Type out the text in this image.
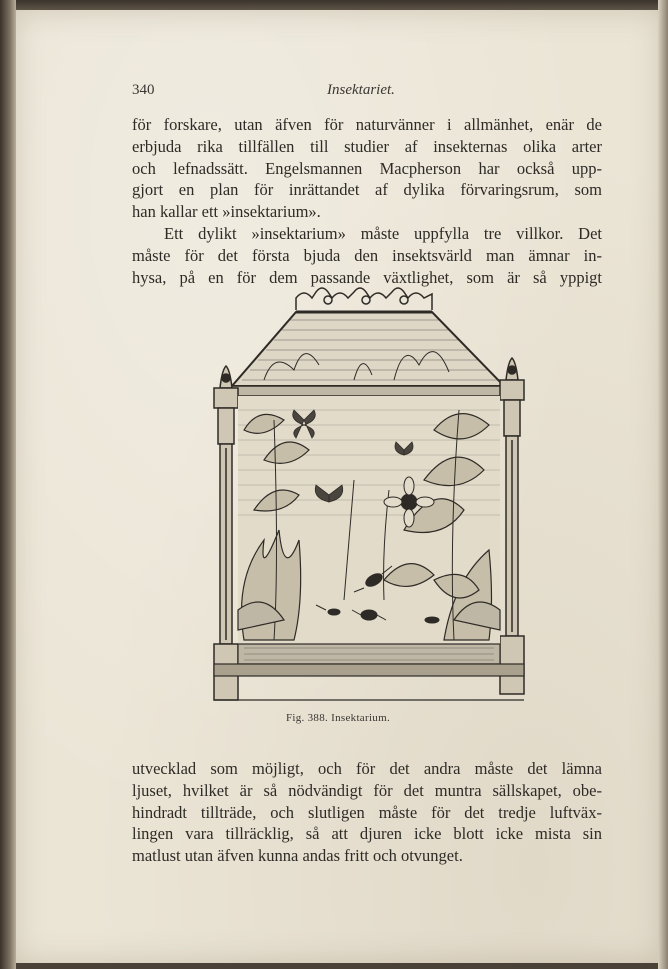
340	Insektariet.
för forskare, utan äfven för naturvänner i allmänhet, enär de
erbjuda rika tillfällen till studier af insekternas olika arter
och lefnadssätt. Engelsmannen Macpherson har också upp-
gjort en plan för inrättandet af dylika förvaringsrum, som
han kallar ett »insektarium».
Ett dylikt »insektarium» måste uppfylla tre villkor. Det
måste för det första bjuda den insektsvärld man ämnar in-
hysa, på en för dem passande växtlighet, som är så yppigt
Fig. 388. Insektarium.
utvecklad som möjligt, och för det andra måste det lämna
ljuset, hvilket är så nödvändigt för det muntra sällskapet, obe-
hindradt tillträde, och slutligen måste för det tredje luftväx-
lingen vara tillräcklig, så att djuren icke blott icke mista sin
matlust utan äfven kunna andas fritt och otvunget.
